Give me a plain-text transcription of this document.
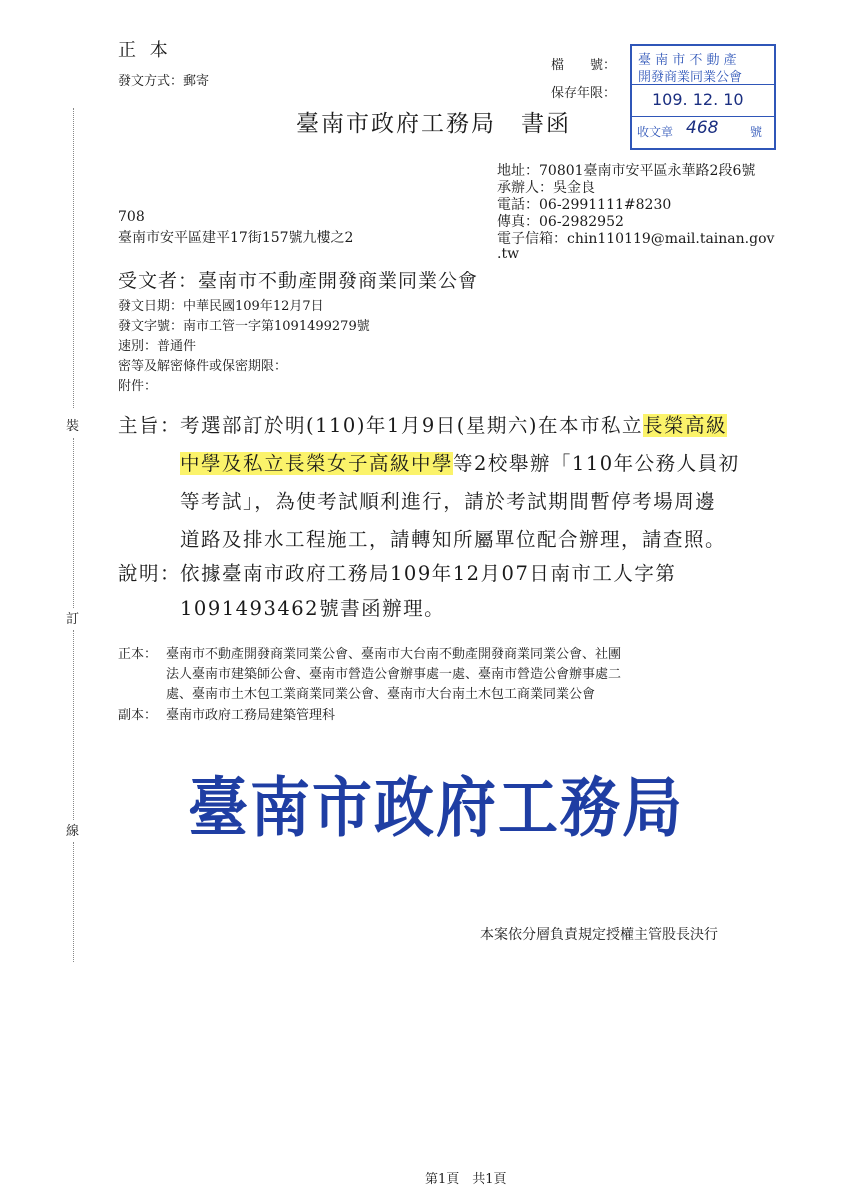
正 本
發文方式：郵寄
臺南市政府工務局　書函
檔　　號：
保存年限：
臺 南 市 不 動 產
開發商業同業公會
109. 12. 10
收文章 468	號
地址：70801臺南市安平區永華路2段6號
承辦人：吳金良
電話：06-2991111#8230
傳真：06-2982952
電子信箱：chin110119@mail.tainan.gov
.tw
708
臺南市安平區建平17街157號九樓之2
受文者：臺南市不動產開發商業同業公會
發文日期：中華民國109年12月7日
發文字號：南市工管一字第1091499279號
速別：普通件
密等及解密條件或保密期限：
附件：
裝
訂
線
主旨：
考選部訂於明(110)年1月9日(星期六)在本市私立長榮高級
中學及私立長榮女子高級中學等2校舉辦「110年公務人員初
等考試」，為使考試順利進行，請於考試期間暫停考場周邊
道路及排水工程施工，請轉知所屬單位配合辦理，請查照。
說明：
依據臺南市政府工務局109年12月07日南市工人字第
1091493462號書函辦理。
正本： 臺南市不動產開發商業同業公會、臺南市大台南不動產開發商業同業公會、社團
法人臺南市建築師公會、臺南市營造公會辦事處一處、臺南市營造公會辦事處二
處、臺南市土木包工業商業同業公會、臺南市大台南土木包工商業同業公會
副本： 臺南市政府工務局建築管理科
臺南市政府工務局
本案依分層負責規定授權主管股長決行
第1頁　共1頁
